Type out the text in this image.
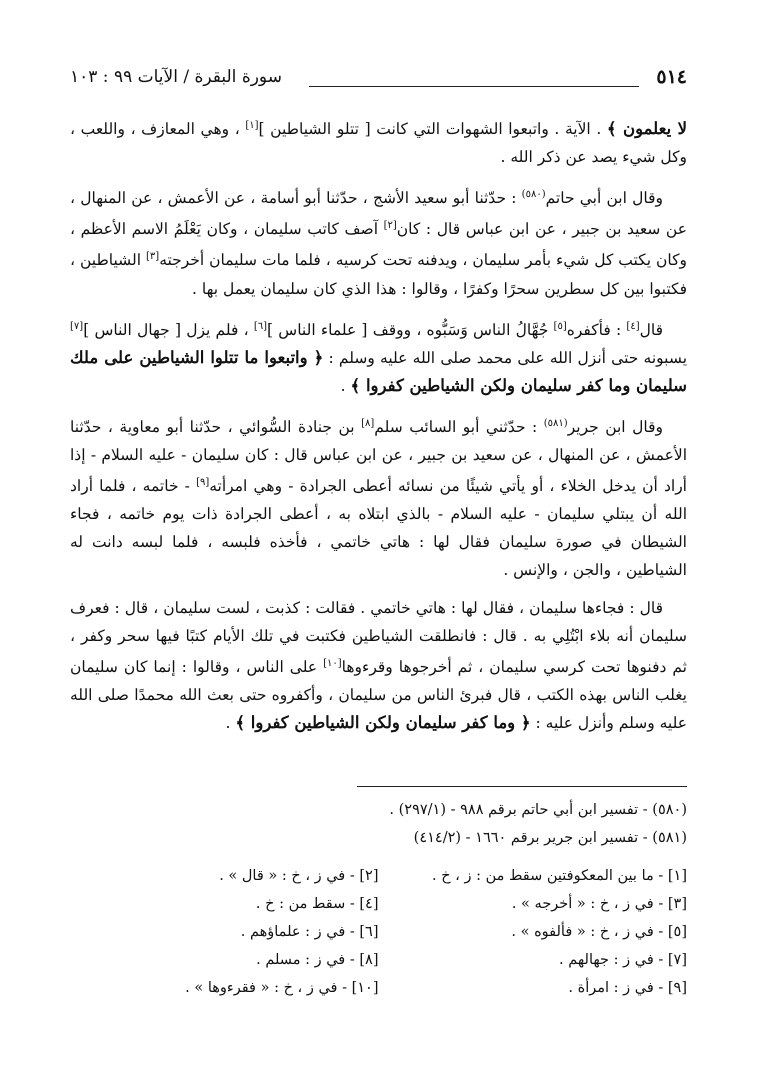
٥١٤
سورة البقرة / الآيات ٩٩ : ١٠٣

لا يعلمون ﴾ . الآية . واتبعوا الشهوات التي كانت [ تتلو الشياطين ][١] ، وهي المعازف ، واللعب ، وكل شيء يصد عن ذكر الله .

وقال ابن أبي حاتم$^{(٥٨٠)}$ : حدّثنا أبو سعيد الأشج ، حدّثنا أبو أسامة ، عن الأعمش ، عن المنهال ، عن سعيد بن جبير ، عن ابن عباس قال : كان[٢] آصف كاتب سليمان ، وكان يَعْلَمُ الاسم الأعظم ، وكان يكتب كل شيء بأمر سليمان ، ويدفنه تحت كرسيه ، فلما مات سليمان أخرجته[٣] الشياطين ، فكتبوا بين كل سطرين سحرًا وكفرًا ، وقالوا : هذا الذي كان سليمان يعمل بها .

قال[٤] : فأكفره[٥] جُهَّالُ الناس وَسَبُّوه ، ووقف [ علماء الناس ][٦] ، فلم يزل [ جهال الناس ][٧] يسبونه حتى أنزل الله على محمد صلى الله عليه وسلم : ﴿ واتبعوا ما تتلوا الشياطين على ملك سليمان وما كفر سليمان ولكن الشياطين كفروا ﴾ .

وقال ابن جرير$^{(٥٨١)}$ : حدّثني أبو السائب سلم[٨] بن جنادة السُّوائي ، حدّثنا أبو معاوية ، حدّثنا الأعمش ، عن المنهال ، عن سعيد بن جبير ، عن ابن عباس قال : كان سليمان - عليه السلام - إذا أراد أن يدخل الخلاء ، أو يأتي شيئًا من نسائه أعطى الجرادة - وهي امرأته[٩] - خاتمه ، فلما أراد الله أن يبتلي سليمان - عليه السلام - بالذي ابتلاه به ، أعطى الجرادة ذات يوم خاتمه ، فجاء الشيطان في صورة سليمان فقال لها : هاتي خاتمي ، فأخذه فلبسه ، فلما لبسه دانت له الشياطين ، والجن ، والإنس .

قال : فجاءها سليمان ، فقال لها : هاتي خاتمي . فقالت : كذبت ، لست سليمان ، قال : فعرف سليمان أنه بلاء ابْتُلِي به . قال : فانطلقت الشياطين فكتبت في تلك الأيام كتبًا فيها سحر وكفر ، ثم دفنوها تحت كرسي سليمان ، ثم أخرجوها وقرءوها[١٠] على الناس ، وقالوا : إنما كان سليمان يغلب الناس بهذه الكتب ، قال فبرئ الناس من سليمان ، وأكفروه حتى بعث الله محمدًا صلى الله عليه وسلم وأنزل عليه : ﴿ وما كفر سليمان ولكن الشياطين كفروا ﴾ .

(٥٨٠) - تفسير ابن أبي حاتم برقم ٩٨٨ - (٢٩٧/١) .
(٥٨١) - تفسير ابن جرير برقم ١٦٦٠ - (٤١٤/٢)
[١] - ما بين المعكوفتين سقط من : ز ، خ .
[٢] - في ز ، خ : « قال » .
[٣] - في ز ، خ : « أخرجه » .
[٤] - سقط من : خ .
[٥] - في ز ، خ : « فألفوه » .
[٦] - في ز : علماؤهم .
[٧] - في ز : جهالهم .
[٨] - في ز : مسلم .
[٩] - في ز : امرأة .
[١٠] - في ز ، خ : « فقرءوها » .
